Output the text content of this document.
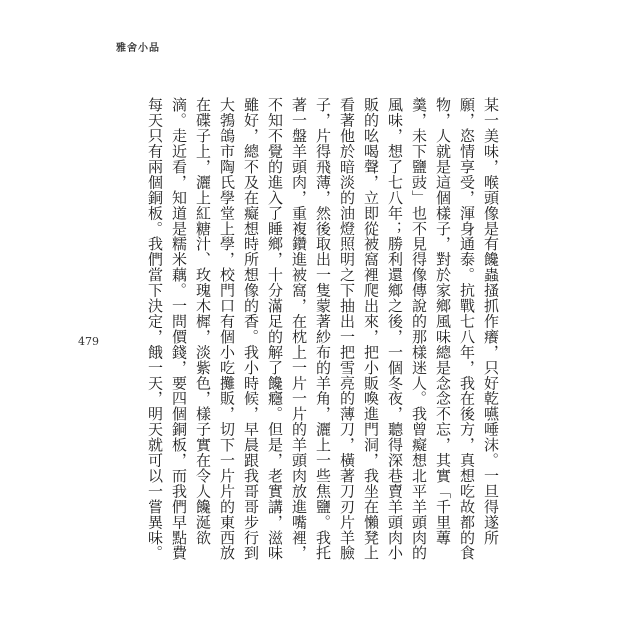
雅舍小品
479	某一美味，喉頭像是有饞蟲搔抓作癢，只好乾嚥唾沫。一旦得遂所
願，恣情享受，渾身通泰。抗戰七八年，我在後方，真想吃故都的食
物，人就是這個樣子，對於家鄉風味總是念念不忘，其實「千里蓴
羹，未下鹽豉」也不見得像傳說的那樣迷人。我曾癡想北平羊頭肉的
風味，想了七八年；勝利還鄉之後，一個冬夜，聽得深巷賣羊頭肉小
販的吆喝聲，立即從被窩裡爬出來，把小販喚進門洞，我坐在懶凳上
看著他於暗淡的油燈照明之下抽出一把雪亮的薄刀，橫著刀刃片羊臉
子，片得飛薄，然後取出一隻蒙著紗布的羊角，灑上一些焦鹽。我托
著一盤羊頭肉，重複鑽進被窩，在枕上一片一片的羊頭肉放進嘴裡，
不知不覺的進入了睡鄉，十分滿足的解了饞癮。但是，老實講，滋味
雖好，總不及在癡想時所想像的香。我小時候，早晨跟我哥哥步行到
大鵓鴿市陶氏學堂上學，校門口有個小吃攤販，切下一片片的東西放
在碟子上，灑上紅糖汁、玫瑰木樨，淡紫色，樣子實在令人饞涎欲
滴。走近看，知道是糯米藕。一問價錢，要四個銅板，而我們早點費
每天只有兩個銅板。我們當下決定，餓一天，明天就可以一嘗異味。
